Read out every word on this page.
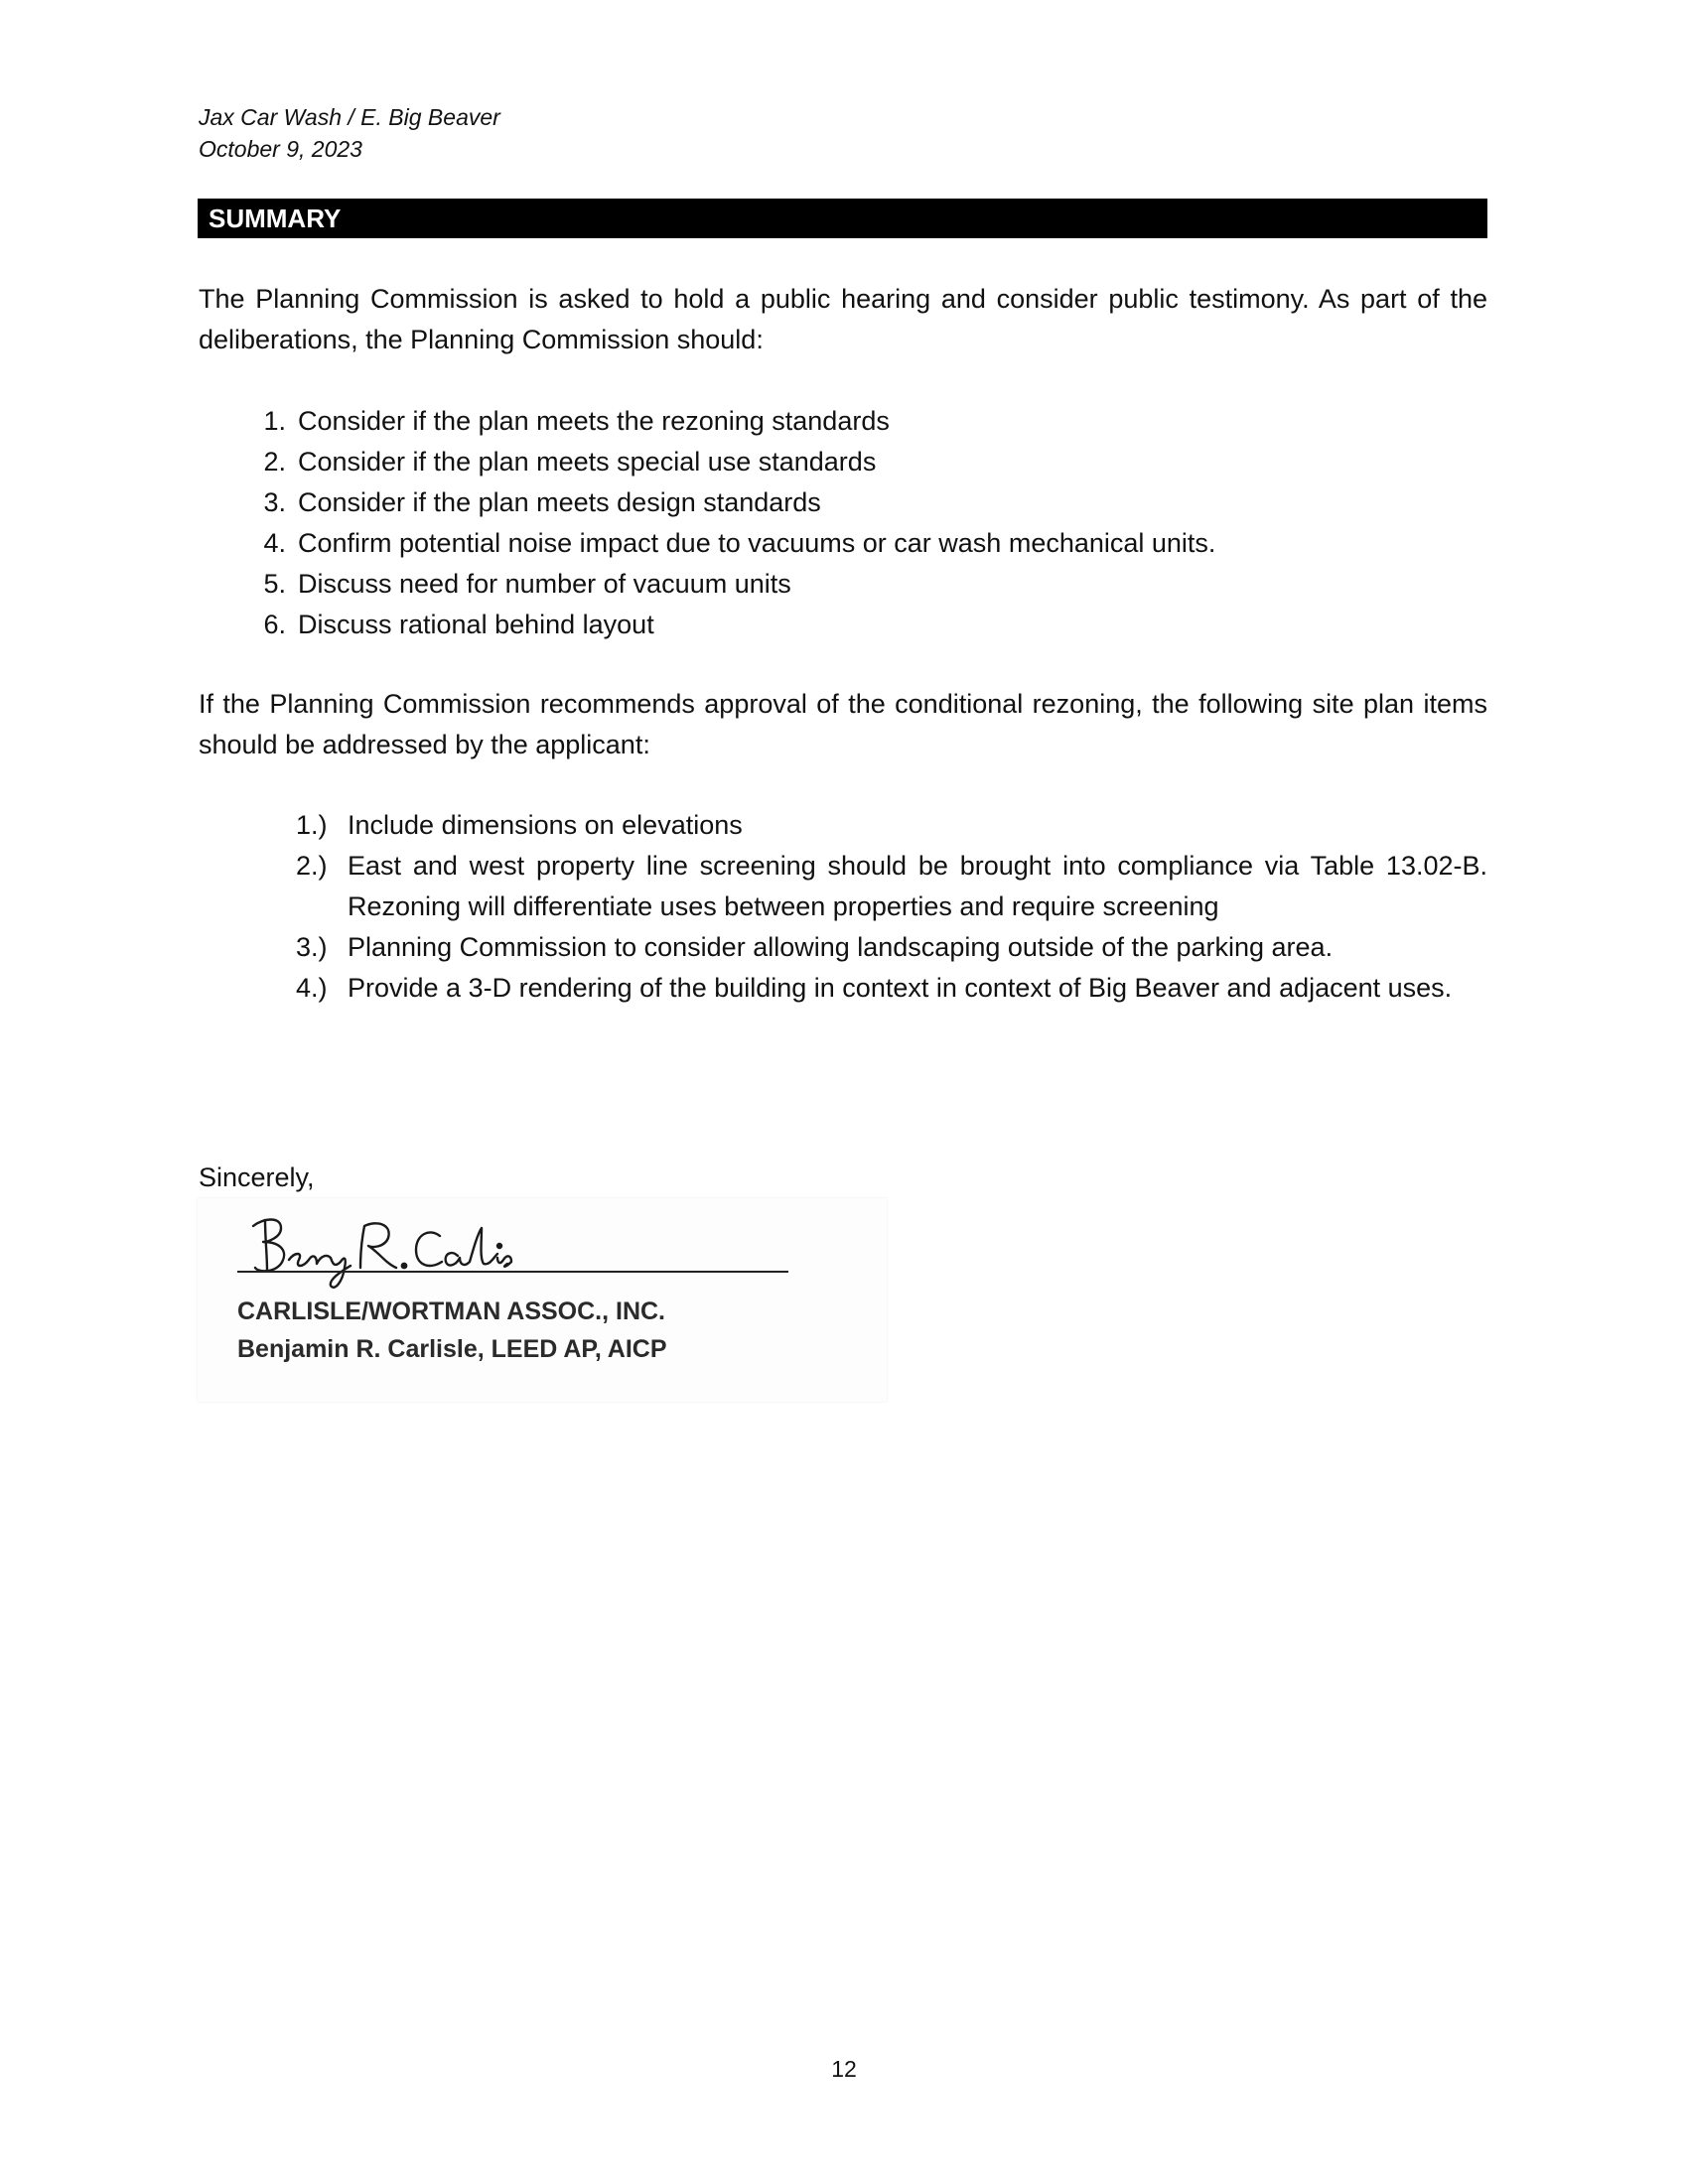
Jax Car Wash / E. Big Beaver
October 9, 2023
SUMMARY
The Planning Commission is asked to hold a public hearing and consider public testimony. As part of the deliberations, the Planning Commission should:
1. Consider if the plan meets the rezoning standards
2. Consider if the plan meets special use standards
3. Consider if the plan meets design standards
4. Confirm potential noise impact due to vacuums or car wash mechanical units.
5. Discuss need for number of vacuum units
6. Discuss rational behind layout
If the Planning Commission recommends approval of the conditional rezoning, the following site plan items should be addressed by the applicant:
1.) Include dimensions on elevations
2.) East and west property line screening should be brought into compliance via Table 13.02-B. Rezoning will differentiate uses between properties and require screening
3.) Planning Commission to consider allowing landscaping outside of the parking area.
4.) Provide a 3-D rendering of the building in context in context of Big Beaver and adjacent uses.
Sincerely,
CARLISLE/WORTMAN ASSOC., INC.
Benjamin R. Carlisle, LEED AP, AICP
12
